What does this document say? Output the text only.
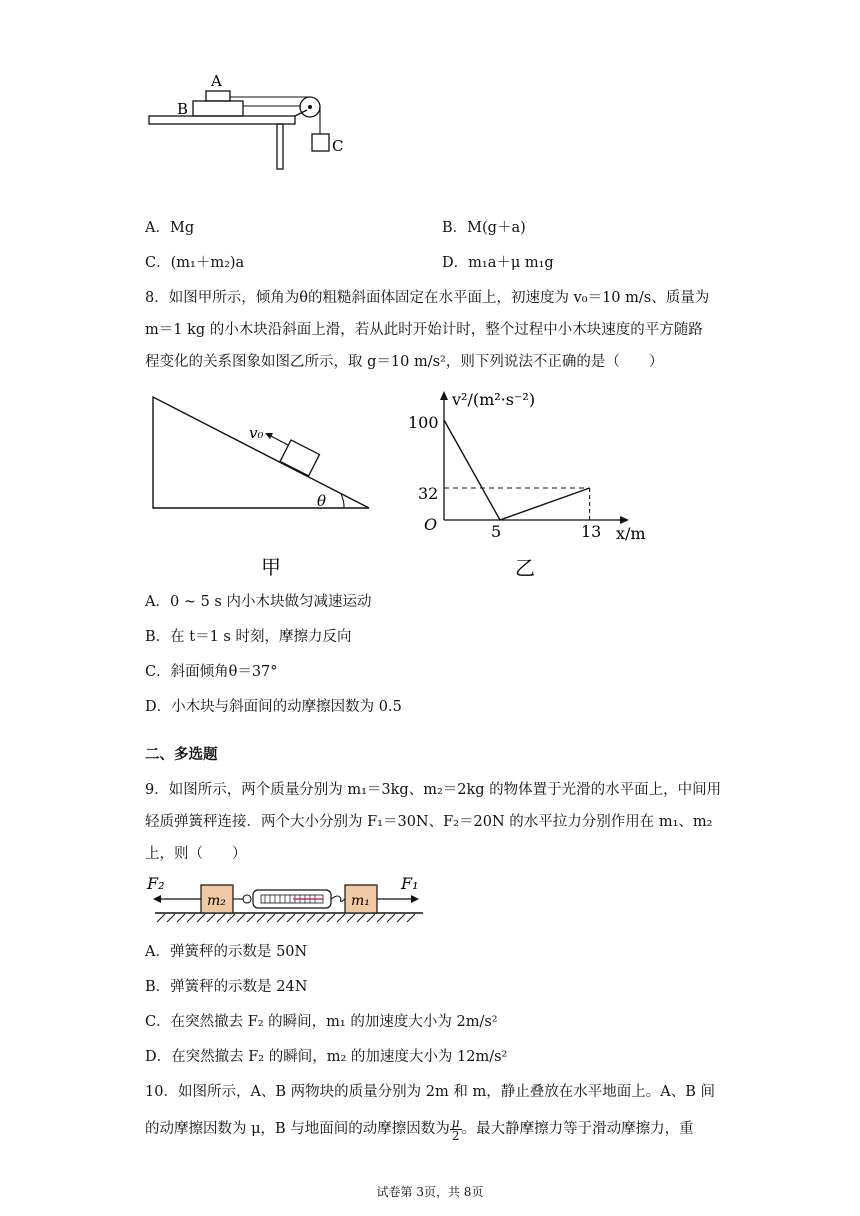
A
B
C
A．Mg	B．M(g＋a)
C．(m₁＋m₂)a	D．m₁a＋μ m₁g
8．如图甲所示，倾角为θ的粗糙斜面体固定在水平面上，初速度为 v₀＝10 m/s、质量为
m＝1 kg 的小木块沿斜面上滑，若从此时开始计时，整个过程中小木块速度的平方随路
程变化的关系图象如图乙所示，取 g＝10 m/s²，则下列说法不正确的是（　　）
v₀
θ
甲
v²/(m²·s⁻²)
x/m
O
100
32
5	13
乙
A．0 ~ 5 s 内小木块做匀减速运动
B．在 t＝1 s 时刻，摩擦力反向
C．斜面倾角θ＝37°
D．小木块与斜面间的动摩擦因数为 0.5
二、多选题
9．如图所示，两个质量分别为 m₁＝3kg、m₂＝2kg 的物体置于光滑的水平面上，中间用
轻质弹簧秤连接．两个大小分别为 F₁＝30N、F₂＝20N 的水平拉力分别作用在 m₁、m₂
上，则（　　）
m₂	m₁
F₂	F₁
A．弹簧秤的示数是 50N
B．弹簧秤的示数是 24N
C．在突然撤去 F₂ 的瞬间，m₁ 的加速度大小为 2m/s²
D．在突然撤去 F₂ 的瞬间，m₂ 的加速度大小为 12m/s²
10．如图所示，A、B 两物块的质量分别为 2m 和 m，静止叠放在水平地面上。A、B 间
的动摩擦因数为 μ，B 与地面间的动摩擦因数为 $\frac{\mu}{2}$ 。最大静摩擦力等于滑动摩擦力，重
试卷第 3页，共 8页
